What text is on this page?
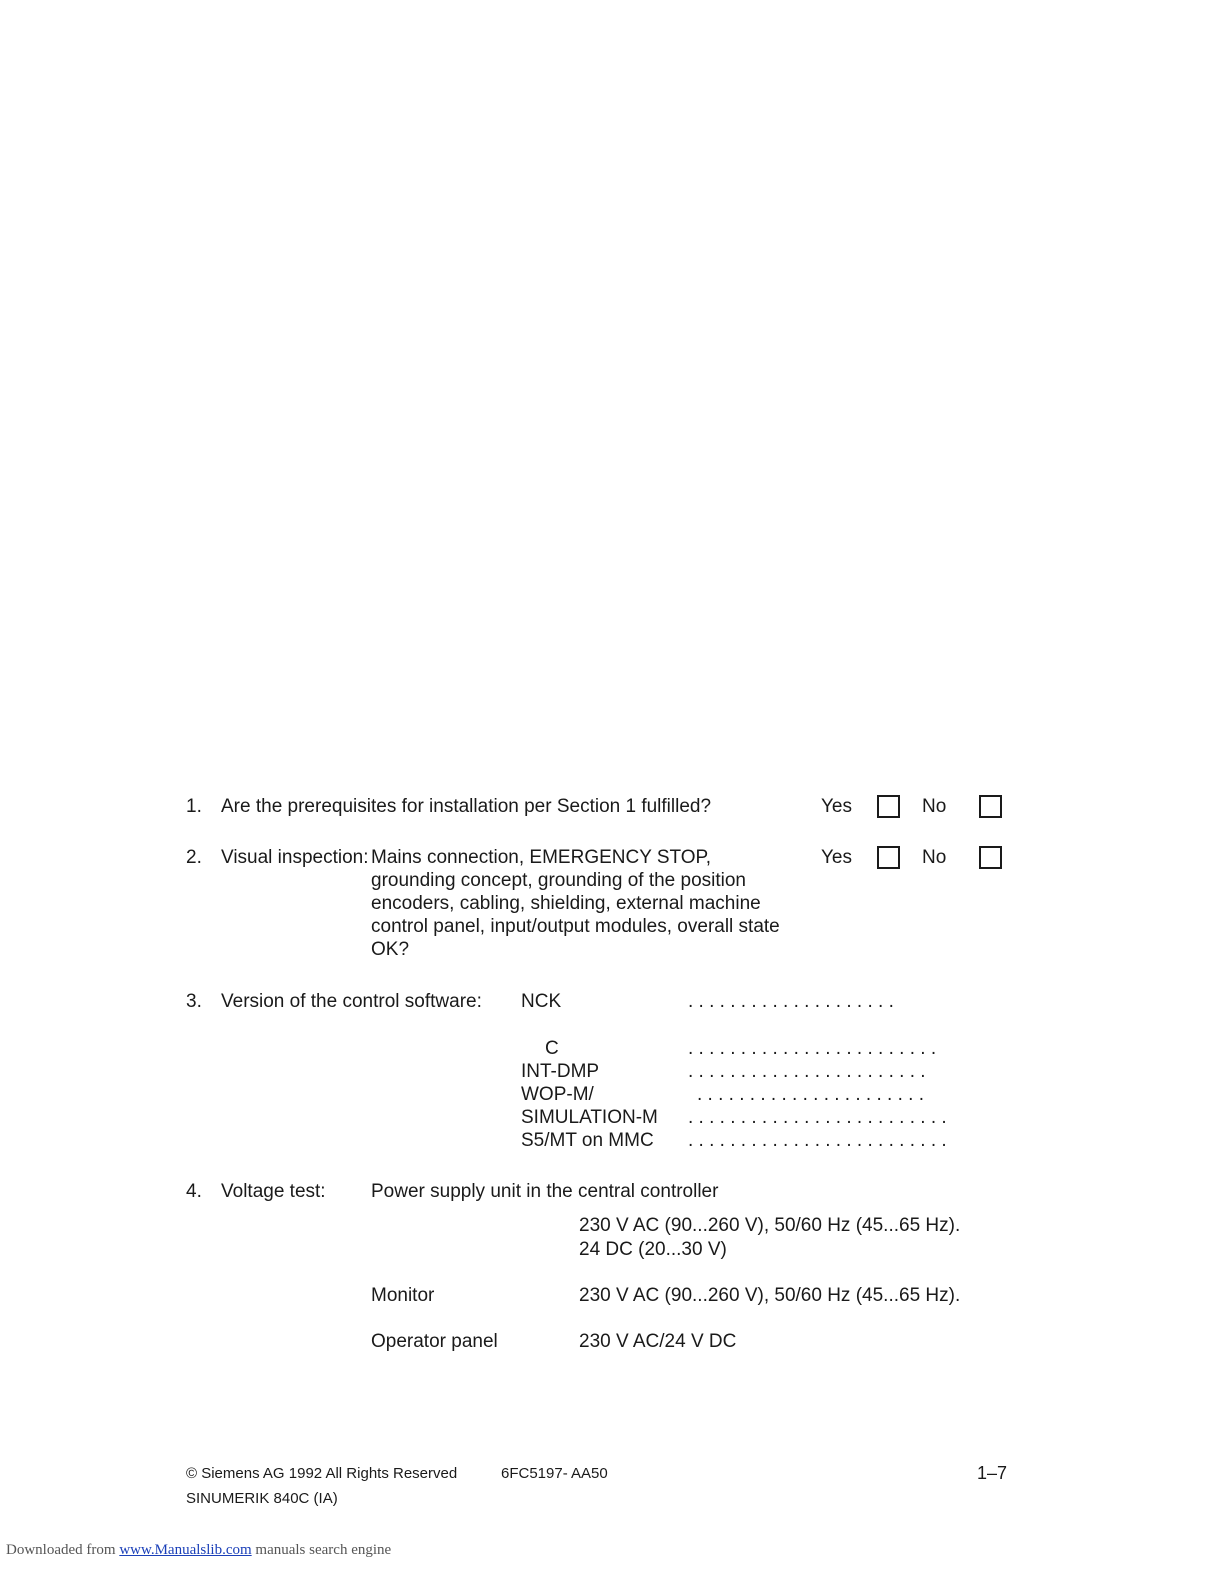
1. Are the prerequisites for installation per Section 1 fulfilled?	Yes	No
2. Visual inspection: Mains connection, EMERGENCY STOP,
grounding concept, grounding of the position
encoders, cabling, shielding, external machine
control panel, input/output modules, overall state
OK?
Yes	No
3. Version of the control software: NCK	. . . . . . . . . . . . . . . . . . . .
C	. . . . . . . . . . . . . . . . . . . . . . . .
INT-DMP	. . . . . . . . . . . . . . . . . . . . . . .
WOP-M/	. . . . . . . . . . . . . . . . . . . . . .
SIMULATION-M . . . . . . . . . . . . . . . . . . . . . . . . .
S5/MT on MMC . . . . . . . . . . . . . . . . . . . . . . . . .
4. Voltage test: Power supply unit in the central controller
230 V AC (90...260 V), 50/60 Hz (45...65 Hz).
24 DC (20...30 V)
Monitor	230 V AC (90...260 V), 50/60 Hz (45...65 Hz).
Operator panel	230 V AC/24 V DC
© Siemens AG 1992 All Rights Reserved	6FC5197- AA50	1–7
SINUMERIK 840C (IA)
Downloaded from www.Manualslib.com manuals search engine
